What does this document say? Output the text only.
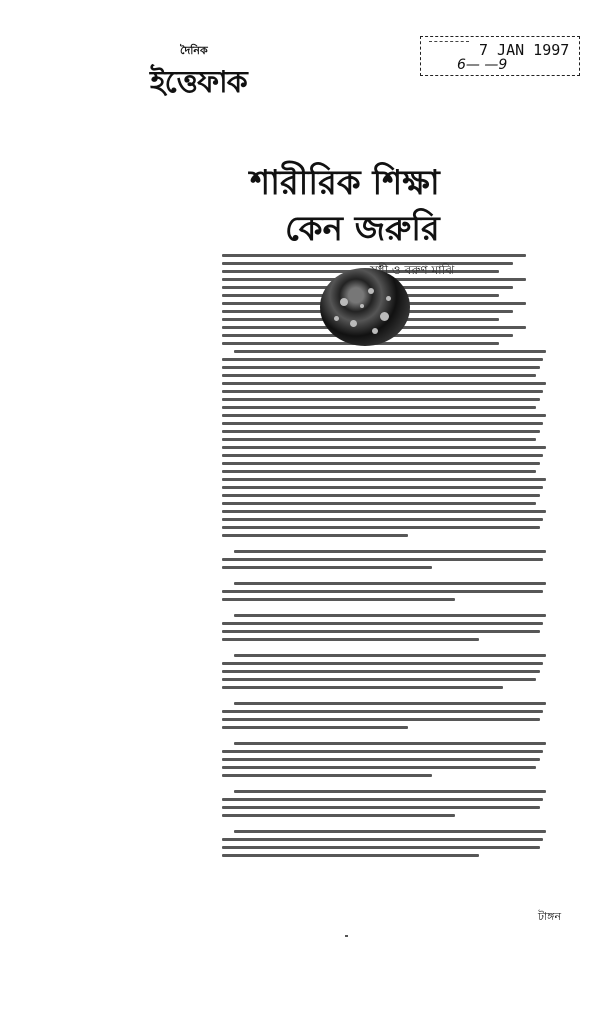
দৈনিক
ইত্তেফাক
7 JAN 1997
6— —9
শারীরিক শিক্ষা
কেন জরুরি
টাঙ্গন
